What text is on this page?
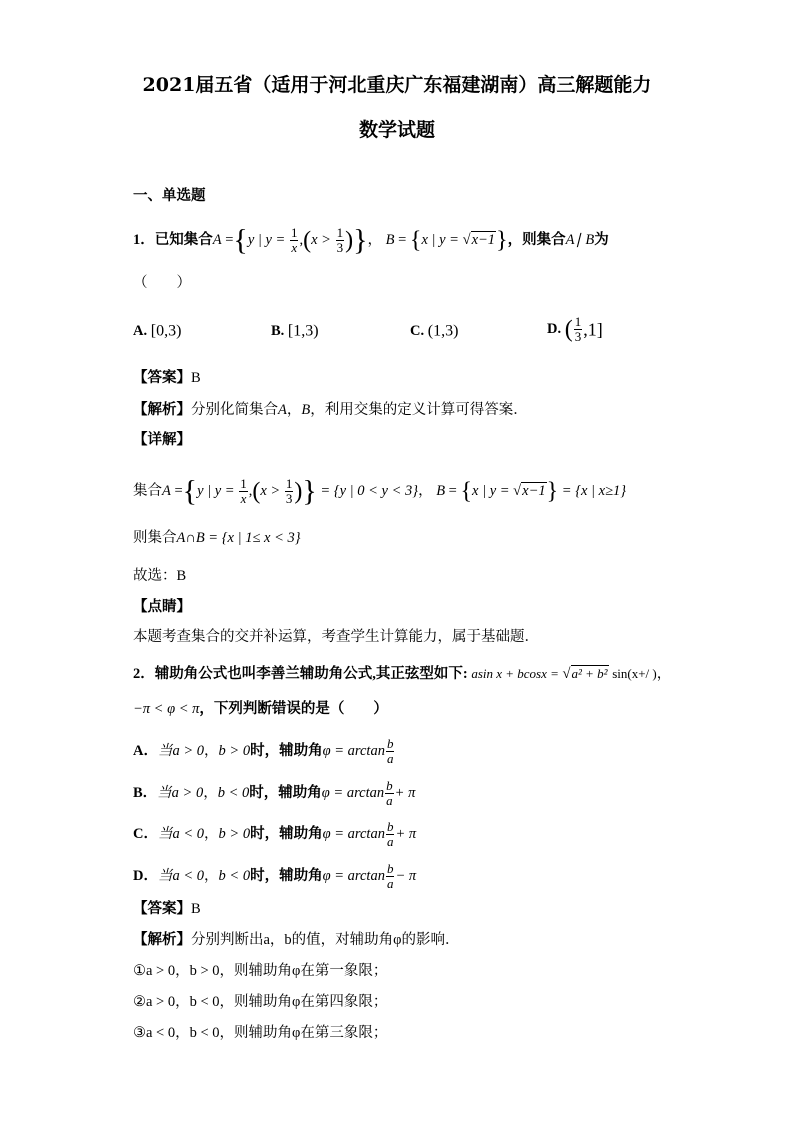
2021届五省（适用于河北重庆广东福建湖南）高三解题能力
数学试题
一、单选题
1．已知集合A ={y | $y = \frac{1}{x} ,(x > \frac{1}{3}$ )}， B = {x | y = √x−1}，则集合A∣ B为
（　　）
A. [0,3)	B. [1,3)	C. (1,3)	D. ( $\frac{1}{3} ,1$]
【答案】B
【解析】分别化简集合A，B，利用交集的定义计算可得答案．
【详解】
集合A ={y | $y = \frac{1}{x} ,(x > \frac{1}{3}$ )} = {y | 0 < y < 3}， B = {x | y = √x−1} = {x | x≥1}
则集合A∩B = {x | 1≤ x < 3}
故选：B
【点睛】
本题考查集合的交并补运算，考查学生计算能力，属于基础题．
2．辅助角公式也叫李善兰辅助角公式,其正弦型如下: asin x + bcosx = √a² + b² sin(x+/ )，
−π < φ < π，下列判断错误的是（　　）
A．当a > 0，b > 0时，辅助角$\varphi = \arctan \frac{b}{a}$
B．当a > 0，b < 0时，辅助角$\varphi = \arctan \frac{b}{a} + \pi$
C．当a < 0，b > 0时，辅助角$\varphi = \arctan \frac{b}{a} + \pi$
D．当a < 0，b < 0时，辅助角$\varphi = \arctan \frac{b}{a} - \pi$
【答案】B
【解析】分别判断出a，b的值，对辅助角φ的影响．
①a > 0，b > 0，则辅助角φ在第一象限；
②a > 0，b < 0，则辅助角φ在第四象限；
③a < 0，b < 0，则辅助角φ在第三象限；
